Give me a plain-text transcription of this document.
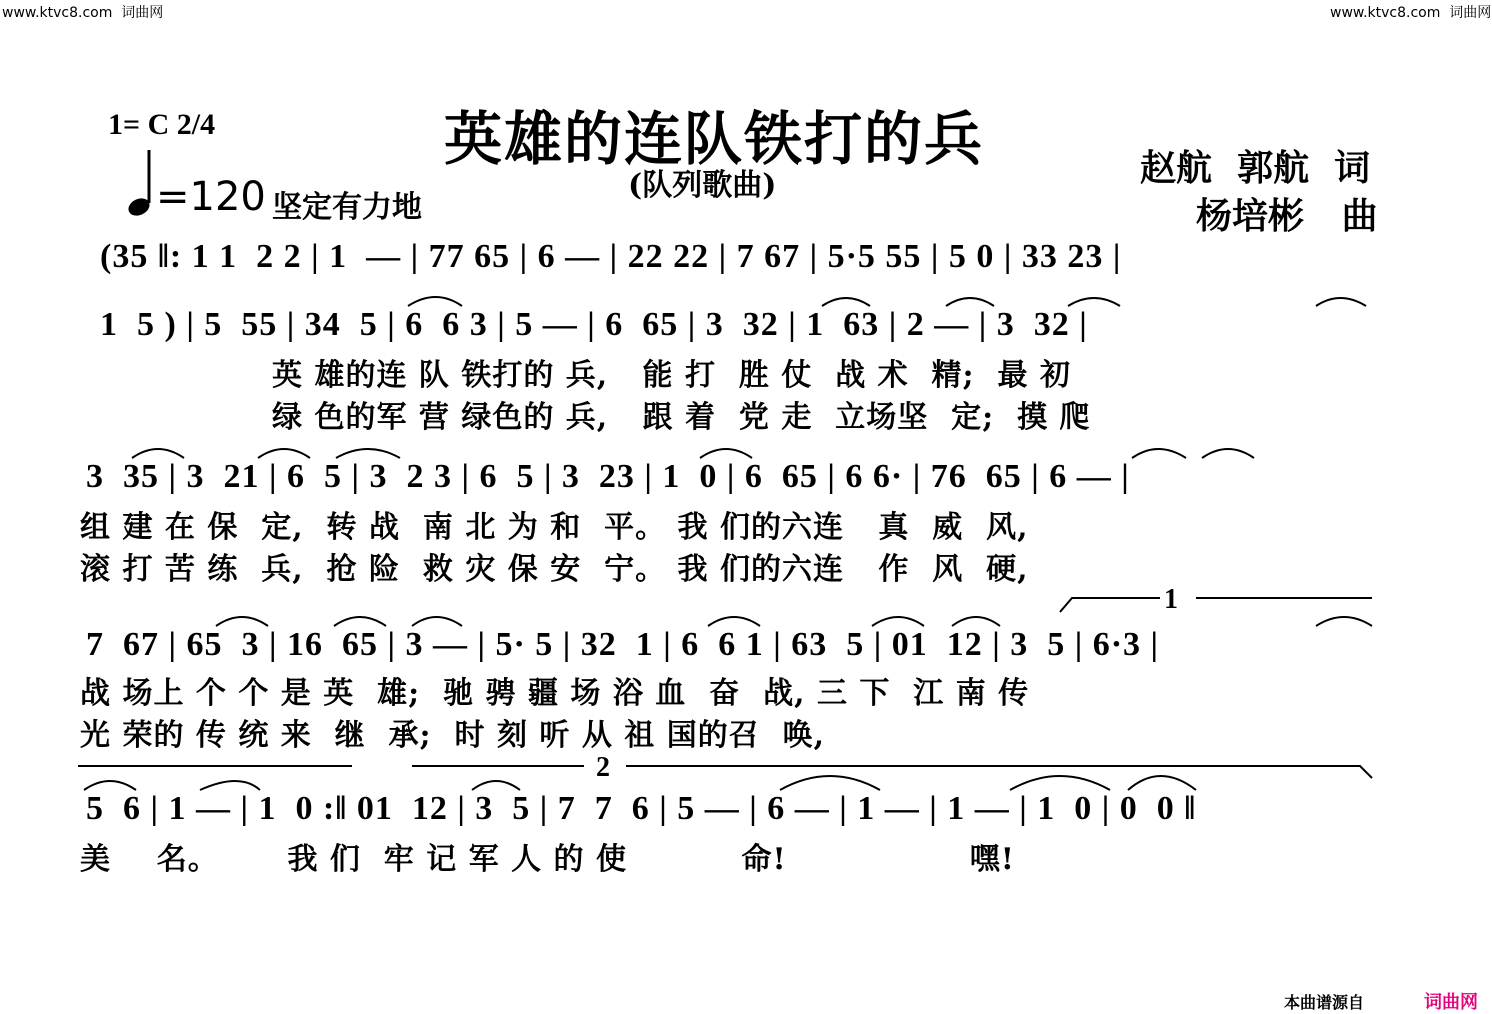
www.ktvc8.com  词曲网	www.ktvc8.com  词曲网
1= C 2/4	英雄的连队铁打的兵
(队列歌曲)	赵航  郭航  词
杨培彬   曲
=120 坚定有力地
(35 ‖: 1 1  2 2 | 1  — | 77 65 | 6 — | 22 22 | 7 67 | 5·5 55 | 5 0 | 33 23 |
1  5 ) | 5  55 | 34  5 | 6  6 3 | 5 — | 6  65 | 3  32 | 1  63 | 2 — | 3  32 |
英 雄的连 队 铁打的 兵,   能 打  胜 仗  战 术  精;  最 初
绿 色的军 营 绿色的 兵,   跟 着  党 走  立场坚  定;  摸 爬
3  35 | 3  21 | 6  5 | 3  2 3 | 6  5 | 3  23 | 1  0 | 6  65 | 6 6· | 76  65 | 6 — |
组 建 在 保  定,  转 战  南 北 为 和  平。 我 们的六连   真  威  风,
滚 打 苦 练  兵,  抢 险  救 灾 保 安  宁。 我 们的六连   作  风  硬,
7  67 | 65  3 | 16  65 | 3 — | 5· 5 | 32  1 | 6  6 1 | 63  5 | 01  12 | 3  5 | 6·3 |
战 场上 个 个 是 英  雄;  驰 骋 疆 场 浴 血  奋  战, 三 下  江 南 传
光 荣的 传 统 来  继  承;  时 刻 听 从 祖 国的召  唤,
5  6 | 1 — | 1  0 :‖ 01  12 | 3  5 | 7  7  6 | 5 — | 6 — | 1 — | 1 — | 1  0 | 0  0 ‖
美    名。      我 们  牢 记 军 人 的 使          命!                嘿!
1
2
本曲谱源自	词曲网
